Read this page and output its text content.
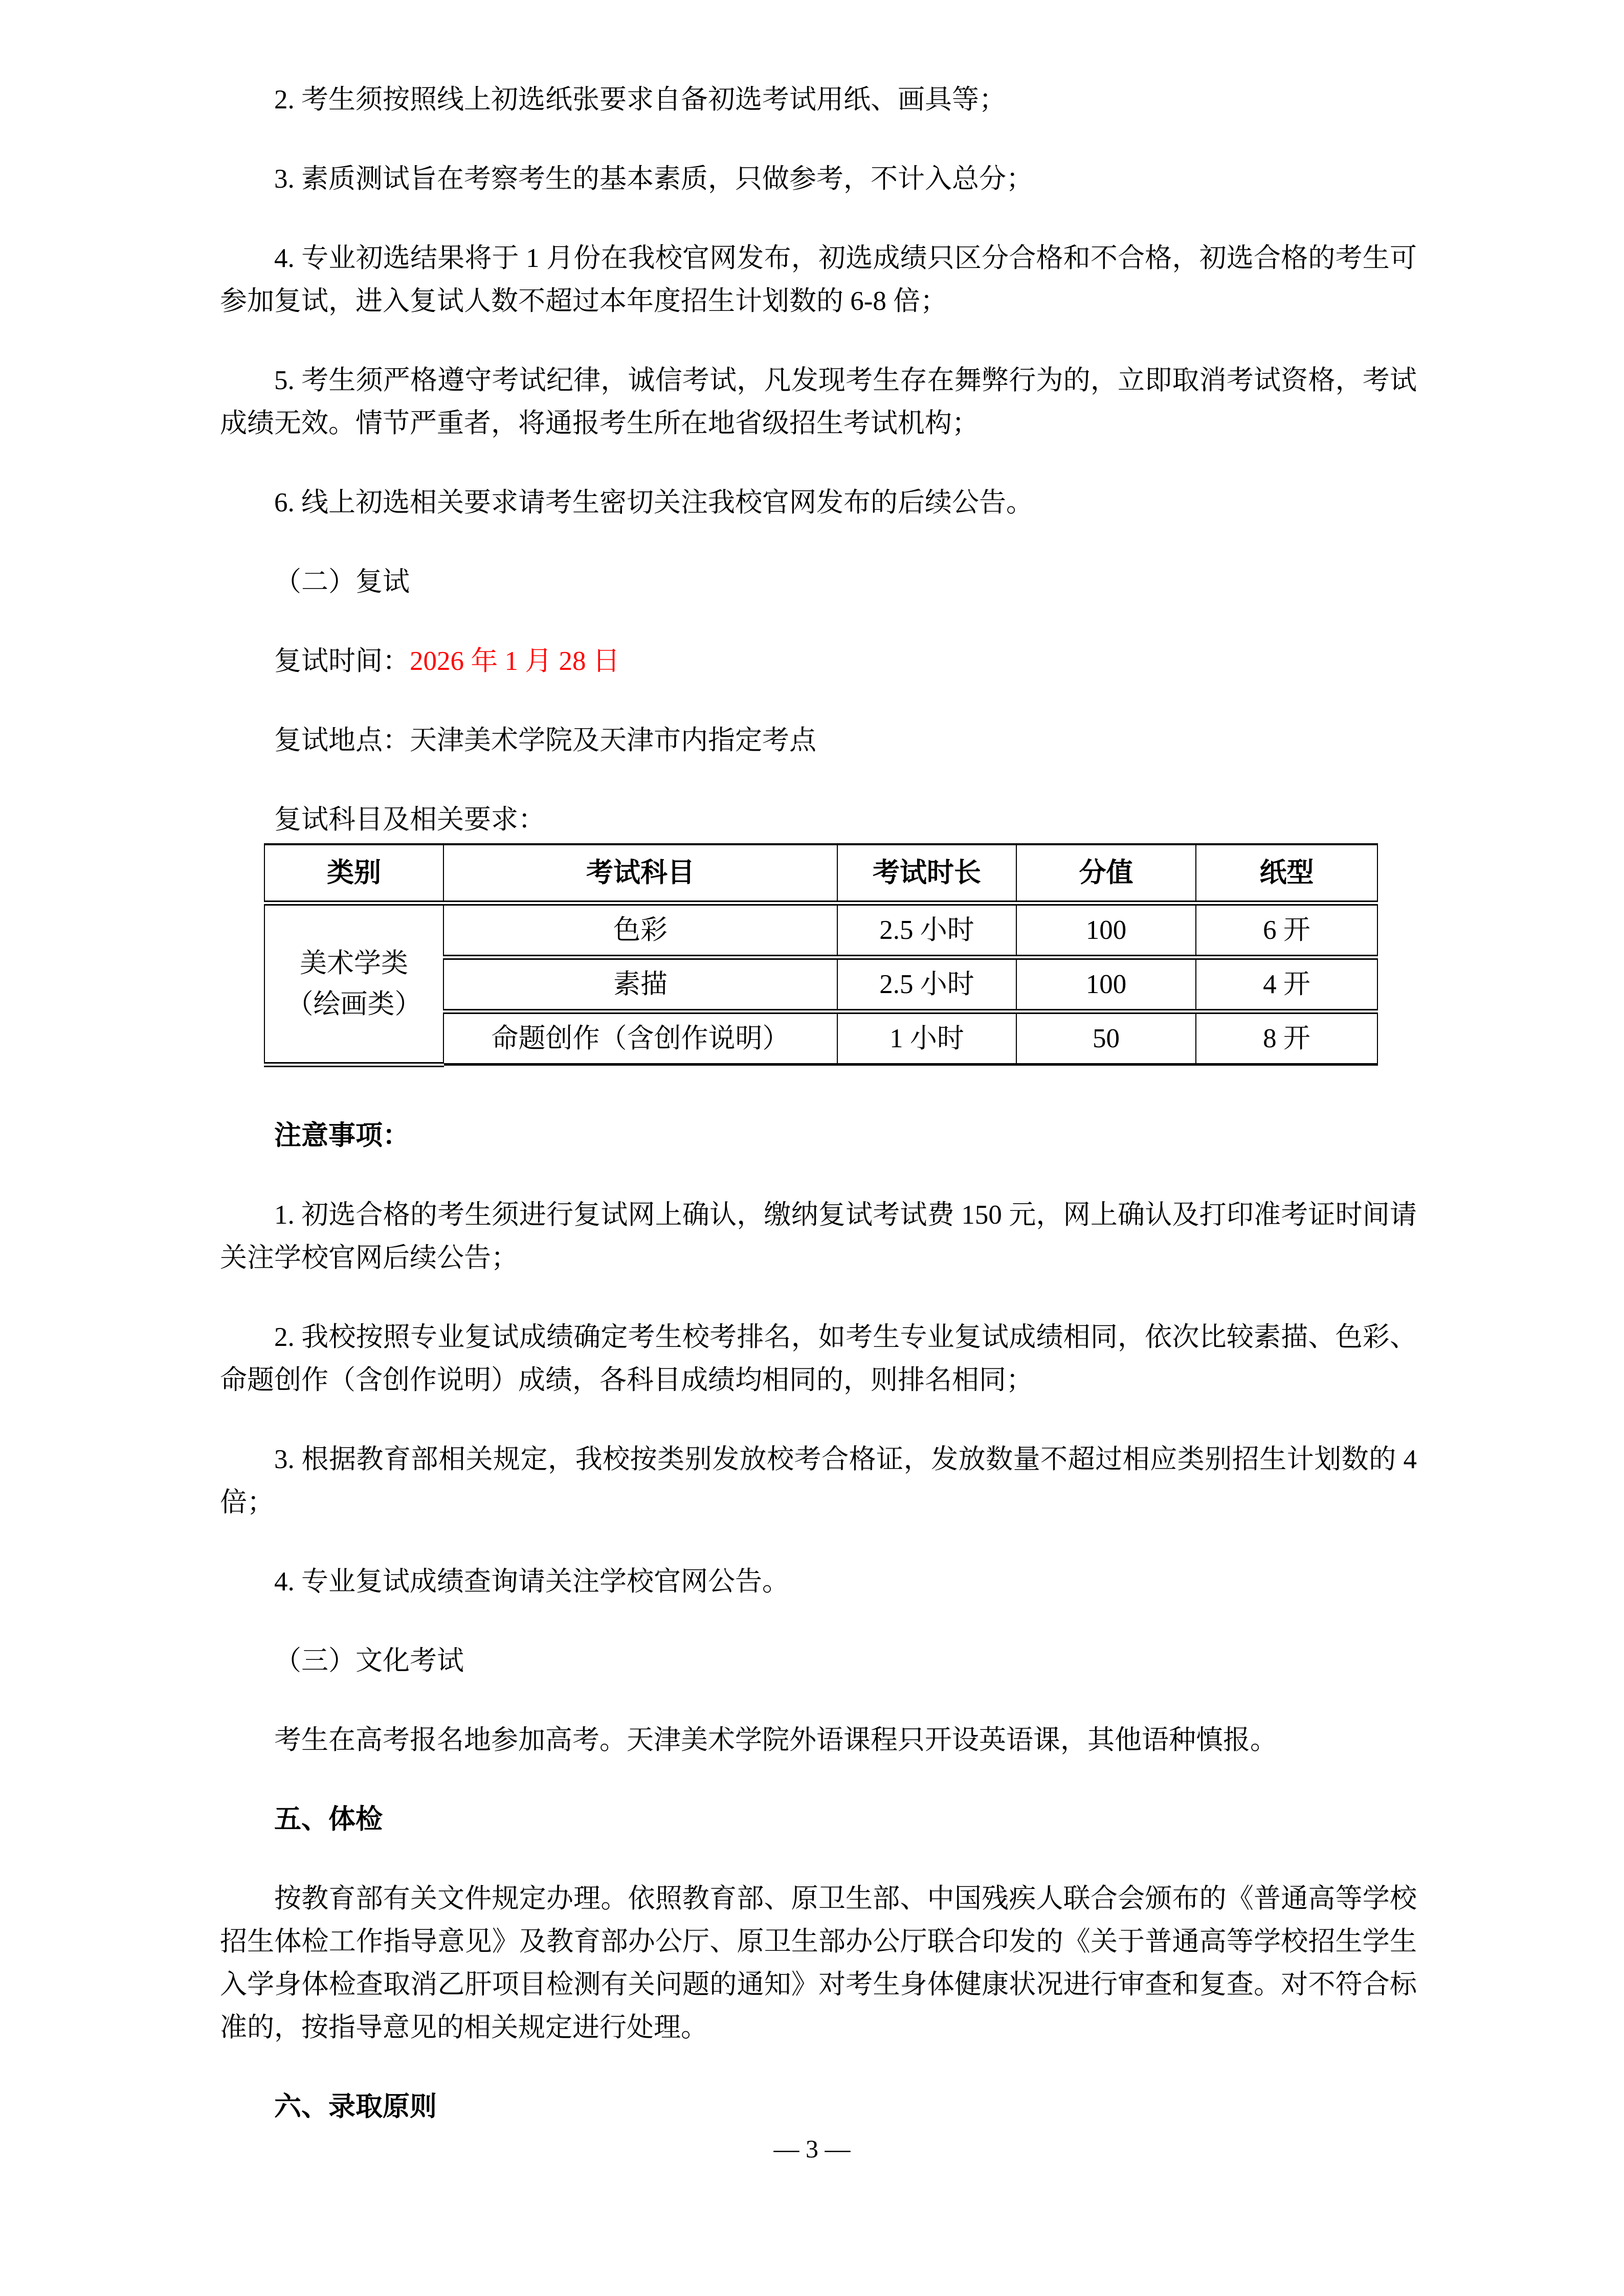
2. 考生须按照线上初选纸张要求自备初选考试用纸、画具等；

3. 素质测试旨在考察考生的基本素质，只做参考，不计入总分；

4. 专业初选结果将于 1 月份在我校官网发布，初选成绩只区分合格和不合格，初选合格的考生可参加复试，进入复试人数不超过本年度招生计划数的 6-8 倍；

5. 考生须严格遵守考试纪律，诚信考试，凡发现考生存在舞弊行为的，立即取消考试资格，考试成绩无效。情节严重者，将通报考生所在地省级招生考试机构；

6. 线上初选相关要求请考生密切关注我校官网发布的后续公告。

（二）复试

复试时间：2026 年 1 月 28 日

复试地点：天津美术学院及天津市内指定考点

复试科目及相关要求：

类别	考试科目	考试时长	分值	纸型

美术学类
（绘画类）	色彩	2.5 小时	100	6 开
	素描	2.5 小时	100	4 开
	命题创作（含创作说明）	1 小时	50	8 开

注意事项：

1. 初选合格的考生须进行复试网上确认，缴纳复试考试费 150 元，网上确认及打印准考证时间请关注学校官网后续公告；

2. 我校按照专业复试成绩确定考生校考排名，如考生专业复试成绩相同，依次比较素描、色彩、命题创作（含创作说明）成绩，各科目成绩均相同的，则排名相同；

3. 根据教育部相关规定，我校按类别发放校考合格证，发放数量不超过相应类别招生计划数的 4 倍；

4. 专业复试成绩查询请关注学校官网公告。

（三）文化考试

考生在高考报名地参加高考。天津美术学院外语课程只开设英语课，其他语种慎报。

五、体检

按教育部有关文件规定办理。依照教育部、原卫生部、中国残疾人联合会颁布的《普通高等学校招生体检工作指导意见》及教育部办公厅、原卫生部办公厅联合印发的《关于普通高等学校招生学生入学身体检查取消乙肝项目检测有关问题的通知》对考生身体健康状况进行审查和复查。对不符合标准的，按指导意见的相关规定进行处理。

六、录取原则

— 3 —
